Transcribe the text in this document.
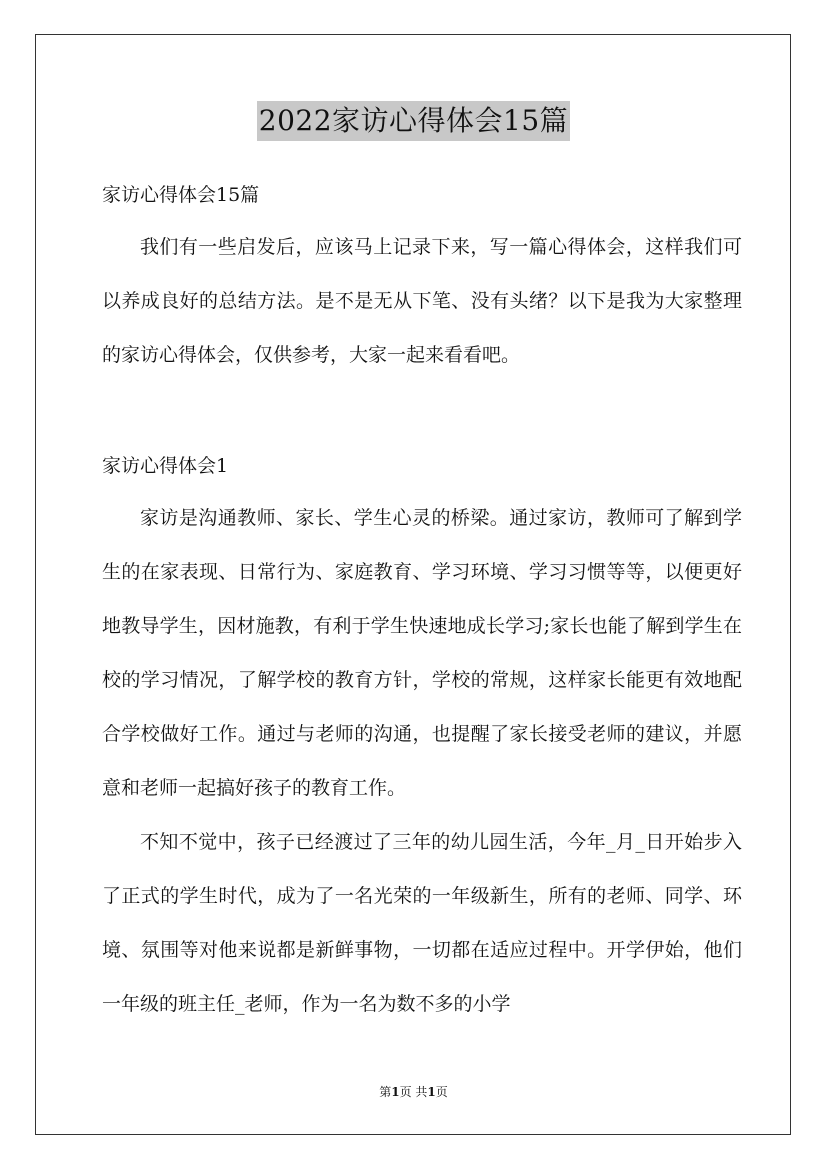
2022家访心得体会15篇
家访心得体会15篇

我们有一些启发后，应该马上记录下来，写一篇心得体会，这样我们可以养成良好的总结方法。是不是无从下笔、没有头绪？以下是我为大家整理的家访心得体会，仅供参考，大家一起来看看吧。

家访心得体会1

家访是沟通教师、家长、学生心灵的桥梁。通过家访，教师可了解到学生的在家表现、日常行为、家庭教育、学习环境、学习习惯等等，以便更好地教导学生，因材施教，有利于学生快速地成长学习;家长也能了解到学生在校的学习情况，了解学校的教育方针，学校的常规，这样家长能更有效地配合学校做好工作。通过与老师的沟通，也提醒了家长接受老师的建议，并愿意和老师一起搞好孩子的教育工作。

不知不觉中，孩子已经渡过了三年的幼儿园生活，今年_月_日开始步入了正式的学生时代，成为了一名光荣的一年级新生，所有的老师、同学、环境、氛围等对他来说都是新鲜事物，一切都在适应过程中。开学伊始，他们一年级的班主任_老师，作为一名为数不多的小学

第1页 共1页
